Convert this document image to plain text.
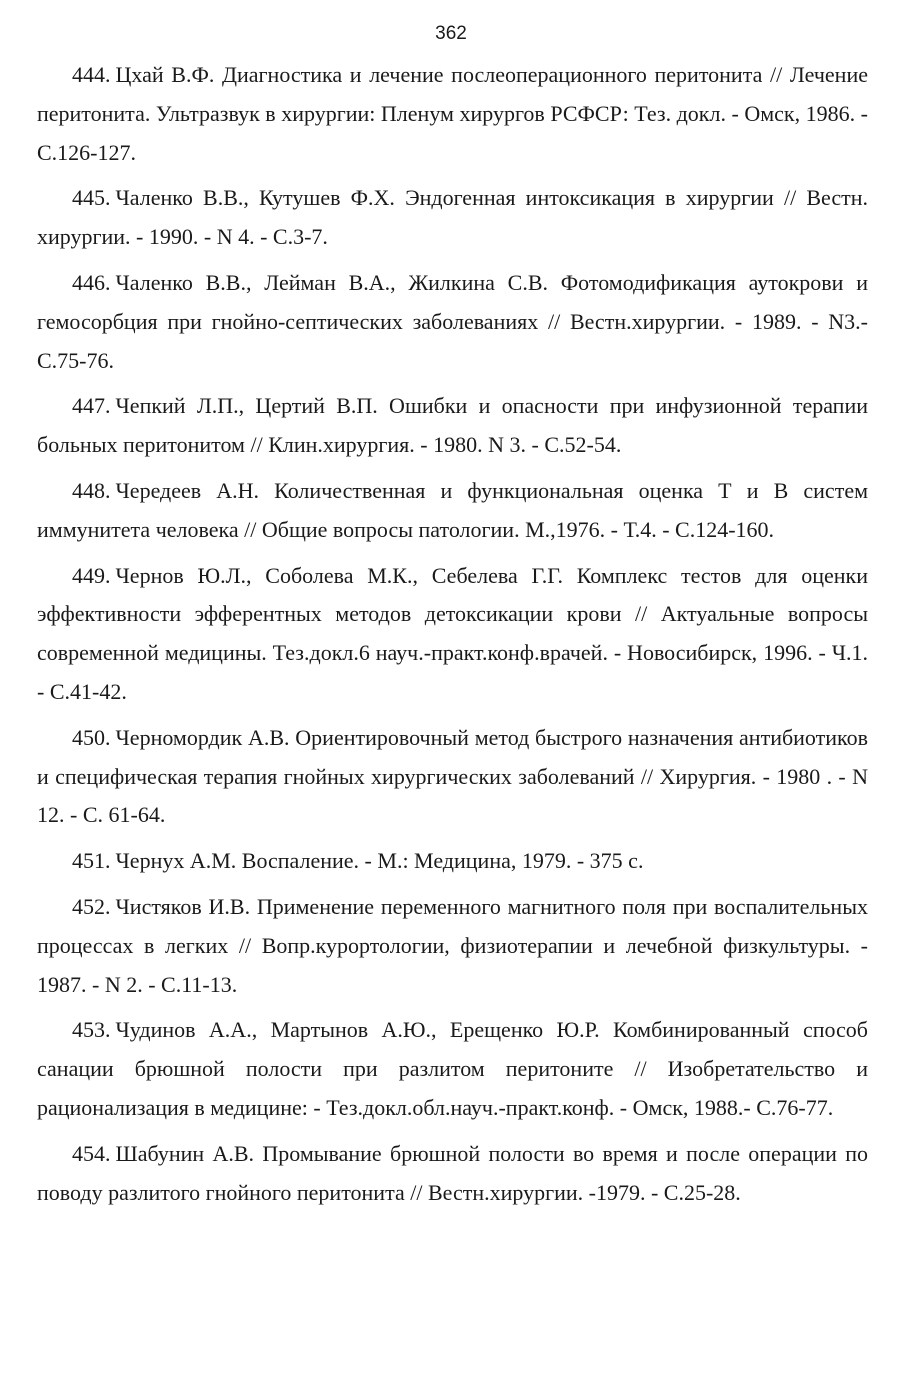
362

444. Цхай В.Ф. Диагностика и лечение послеоперационного перитонита // Лечение перитонита. Ультразвук в хирургии: Пленум хирургов РСФСР: Тез. докл. - Омск, 1986. - С.126-127.

445. Чаленко В.В., Кутушев Ф.Х. Эндогенная интоксикация в хирургии // Вестн. хирургии. - 1990. - N 4. - С.3-7.

446. Чаленко В.В., Лейман В.А., Жилкина С.В. Фотомодификация аутокрови и гемосорбция при гнойно-септических заболеваниях // Вестн.хирургии. - 1989. - N3.- С.75-76.

447. Чепкий Л.П., Цертий В.П. Ошибки и опасности при инфузионной терапии больных перитонитом // Клин.хирургия. - 1980. N 3. - С.52-54.

448. Чередеев А.Н. Количественная и функциональная оценка Т и В систем иммунитета человека // Общие вопросы патологии. М.,1976. - Т.4. - С.124-160.

449. Чернов Ю.Л., Соболева М.К., Себелева Г.Г. Комплекс тестов для оценки эффективности эфферентных методов детоксикации крови // Актуальные вопросы современной медицины. Тез.докл.6 науч.-практ.конф.врачей. - Новосибирск, 1996. - Ч.1. - С.41-42.

450. Черномордик А.В. Ориентировочный метод быстрого назначения антибиотиков и специфическая терапия гнойных хирургических заболеваний // Хирургия. - 1980 . - N 12. - С. 61-64.

451. Чернух А.М. Воспаление. - М.: Медицина, 1979. - 375 с.

452. Чистяков И.В. Применение переменного магнитного поля при воспалительных процессах в легких // Вопр.курортологии, физиотерапии и лечебной физкультуры. - 1987. - N 2. - С.11-13.

453. Чудинов А.А., Мартынов А.Ю., Ерещенко Ю.Р. Комбинированный способ санации брюшной полости при разлитом перитоните // Изобретательство и рационализация в медицине: - Тез.докл.обл.науч.-практ.конф. - Омск, 1988.- С.76-77.

454. Шабунин А.В. Промывание брюшной полости во время и после операции по поводу разлитого гнойного перитонита // Вестн.хирургии. -1979. - С.25-28.
